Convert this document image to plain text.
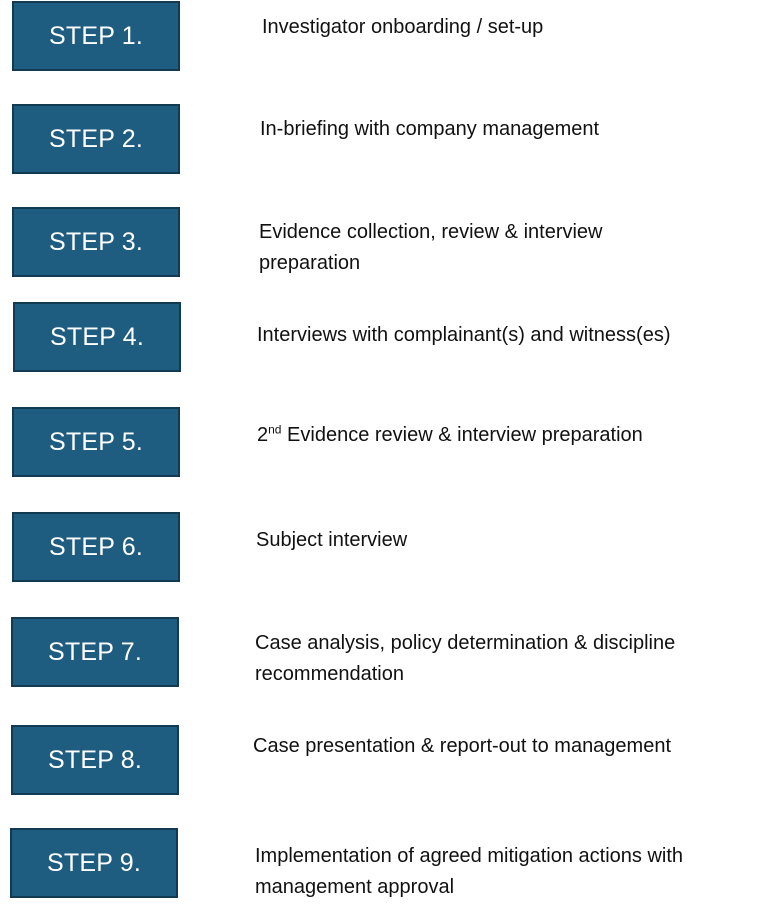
STEP 1.	Investigator onboarding / set-up
STEP 2.	In-briefing with company management
STEP 3.	Evidence collection, review & interview preparation
STEP 4.	Interviews with complainant(s) and witness(es)
STEP 5.	2nd Evidence review & interview preparation
STEP 6.	Subject interview
STEP 7.	Case analysis, policy determination & discipline recommendation
STEP 8.	Case presentation & report-out to management
STEP 9.	Implementation of agreed mitigation actions with management approval
